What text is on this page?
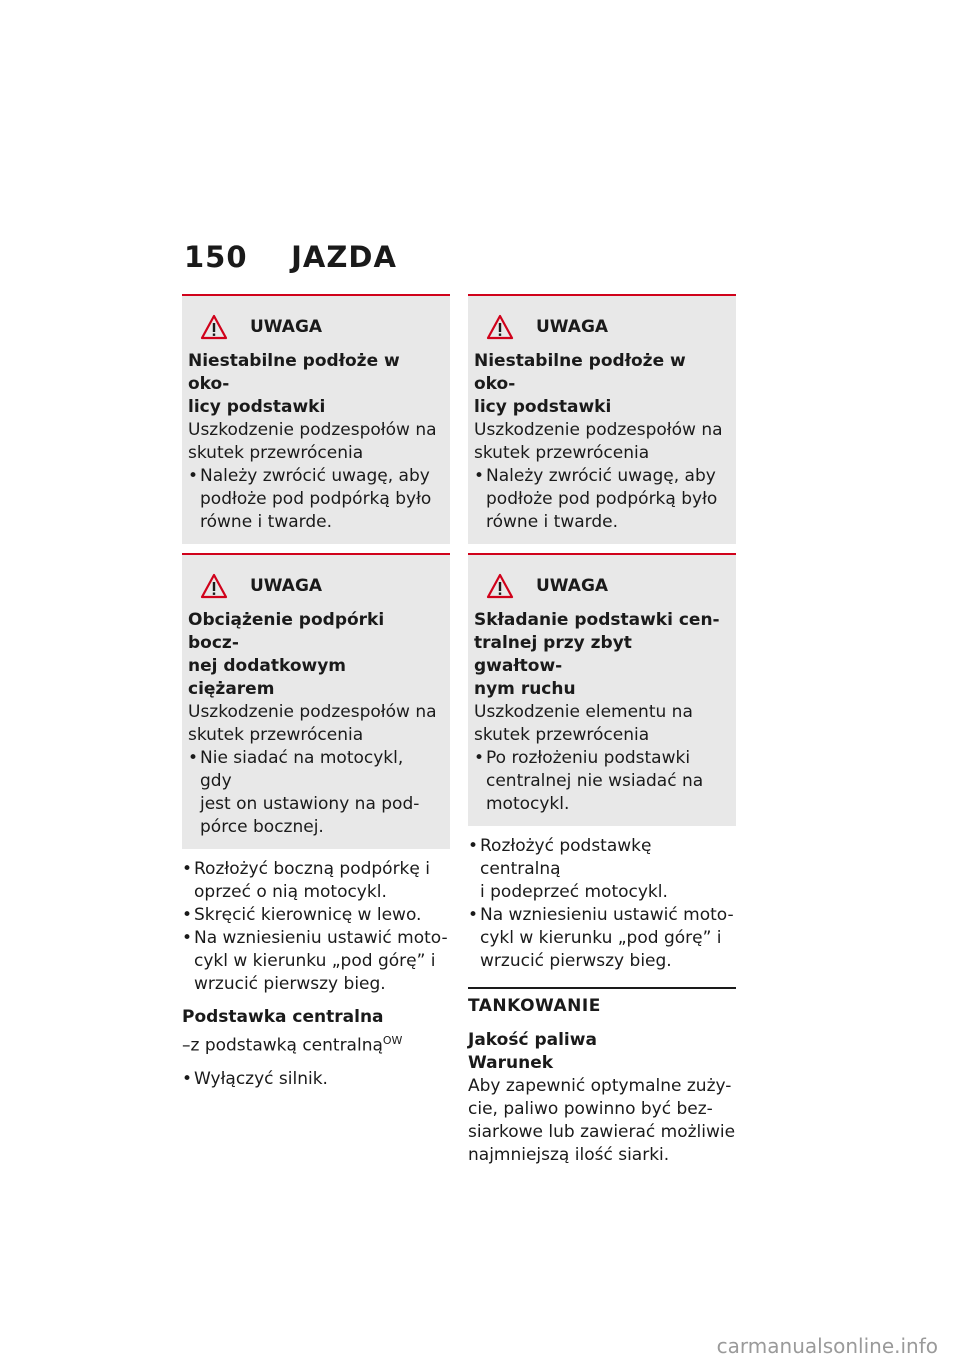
150 JAZDA
UWAGA
Niestabilne podłoże w oko-
licy podstawki
Uszkodzenie podzespołów na skutek przewrócenia
• Należy zwrócić uwagę, aby
podłoże pod podpórką było
równe i twarde.
UWAGA
Obciążenie podpórki bocz-
nej dodatkowym ciężarem
Uszkodzenie podzespołów na skutek przewrócenia
• Nie siadać na motocykl, gdy
jest on ustawiony na pod-
pórce bocznej.
• Rozłożyć boczną podpórkę i
oprzeć o nią motocykl.
• Skręcić kierownicę w lewo.
• Na wzniesieniu ustawić moto-
cykl w kierunku „pod górę” i
wrzucić pierwszy bieg.
Podstawka centralna
–z podstawką centralną$^{OW}$
• Wyłączyć silnik.
UWAGA
Niestabilne podłoże w oko-
licy podstawki
Uszkodzenie podzespołów na skutek przewrócenia
• Należy zwrócić uwagę, aby
podłoże pod podpórką było
równe i twarde.
UWAGA
Składanie podstawki cen-
tralnej przy zbyt gwałtow-
nym ruchu
Uszkodzenie elementu na skutek przewrócenia
• Po rozłożeniu podstawki
centralnej nie wsiadać na
motocykl.
• Rozłożyć podstawkę centralną
i podeprzeć motocykl.
• Na wzniesieniu ustawić moto-
cykl w kierunku „pod górę” i
wrzucić pierwszy bieg.
TANKOWANIE
Jakość paliwa
Warunek
Aby zapewnić optymalne zuży-
cie, paliwo powinno być bez-
siarkowe lub zawierać możliwie
najmniejszą ilość siarki.
carmanualsonline.info
